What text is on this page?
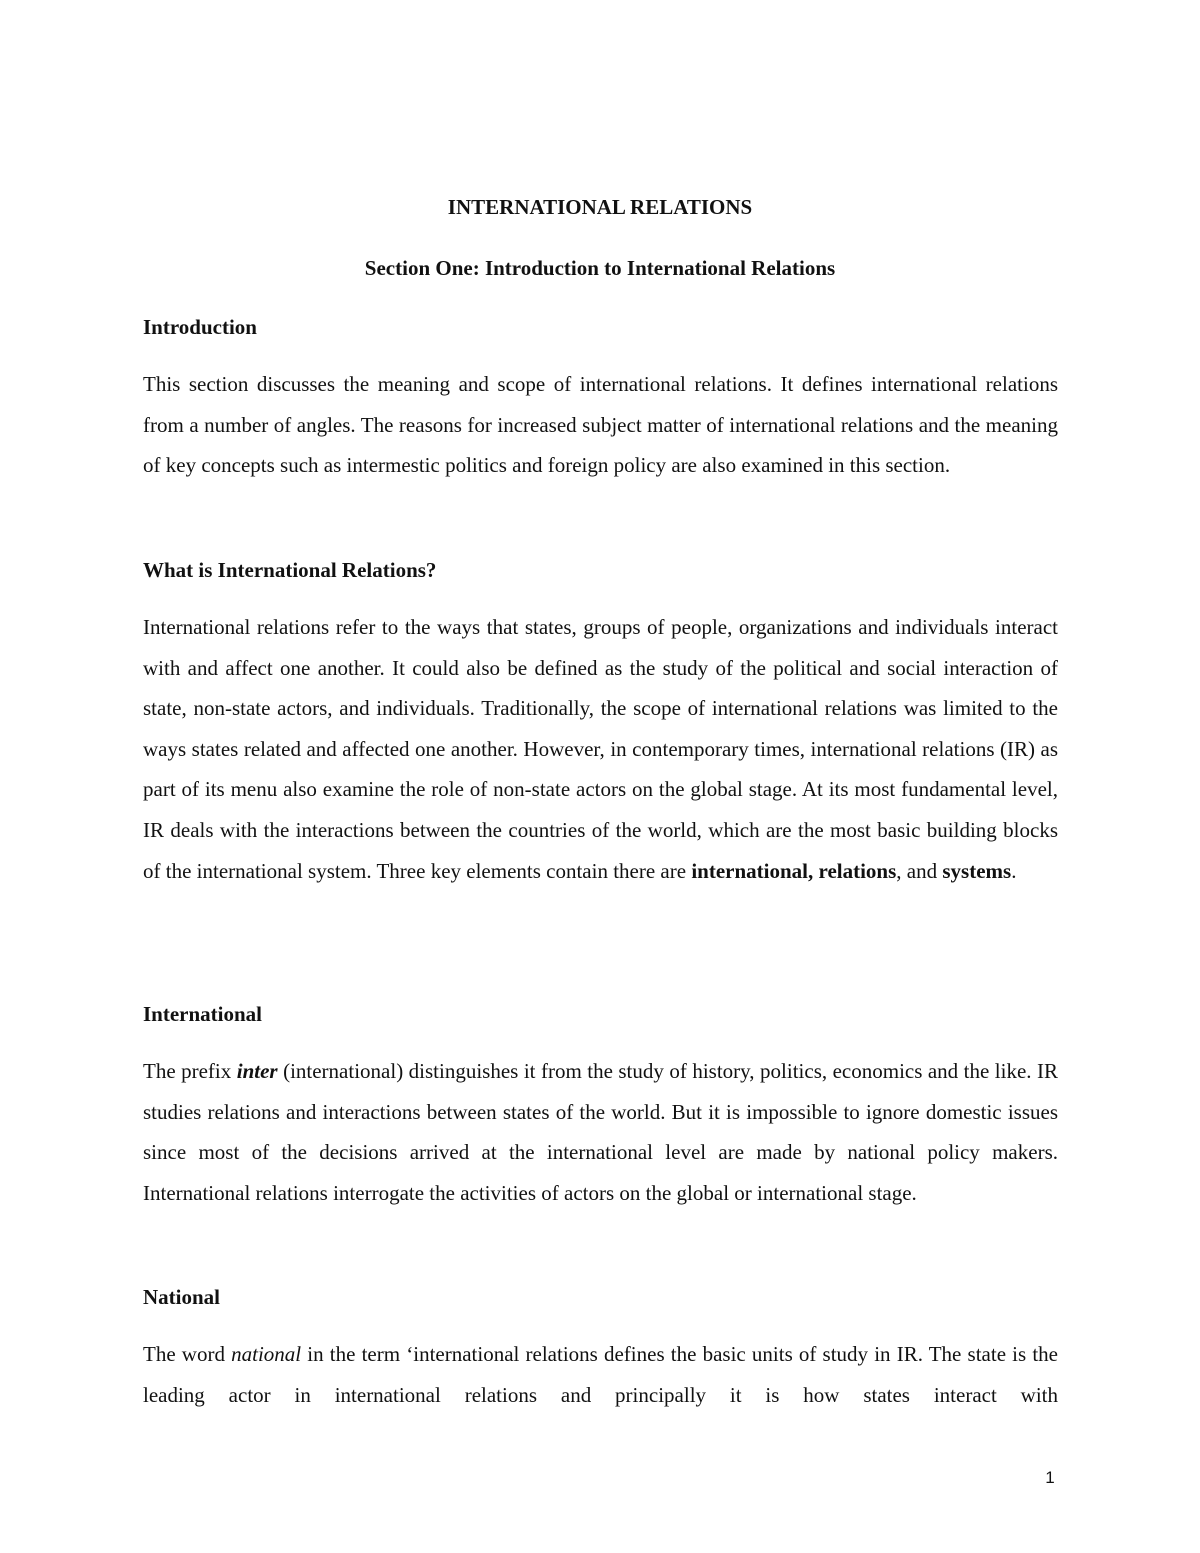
INTERNATIONAL RELATIONS
Section One: Introduction to International Relations
Introduction

This section discusses the meaning and scope of international relations. It defines international relations from a number of angles. The reasons for increased subject matter of international relations and the meaning of key concepts such as intermestic politics and foreign policy are also examined in this section.

What is International Relations?

International relations refer to the ways that states, groups of people, organizations and individuals interact with and affect one another. It could also be defined as the study of the political and social interaction of state, non-state actors, and individuals. Traditionally, the scope of international relations was limited to the ways states related and affected one another. However, in contemporary times, international relations (IR) as part of its menu also examine the role of non-state actors on the global stage. At its most fundamental level, IR deals with the interactions between the countries of the world, which are the most basic building blocks of the international system. Three key elements contain there are international, relations, and systems.

International

The prefix inter (international) distinguishes it from the study of history, politics, economics and the like. IR studies relations and interactions between states of the world. But it is impossible to ignore domestic issues since most of the decisions arrived at the international level are made by national policy makers. International relations interrogate the activities of actors on the global or international stage.

National

The word national in the term ‘international relations defines the basic units of study in IR. The state is the leading actor in international relations and principally it is how states interact with

1
